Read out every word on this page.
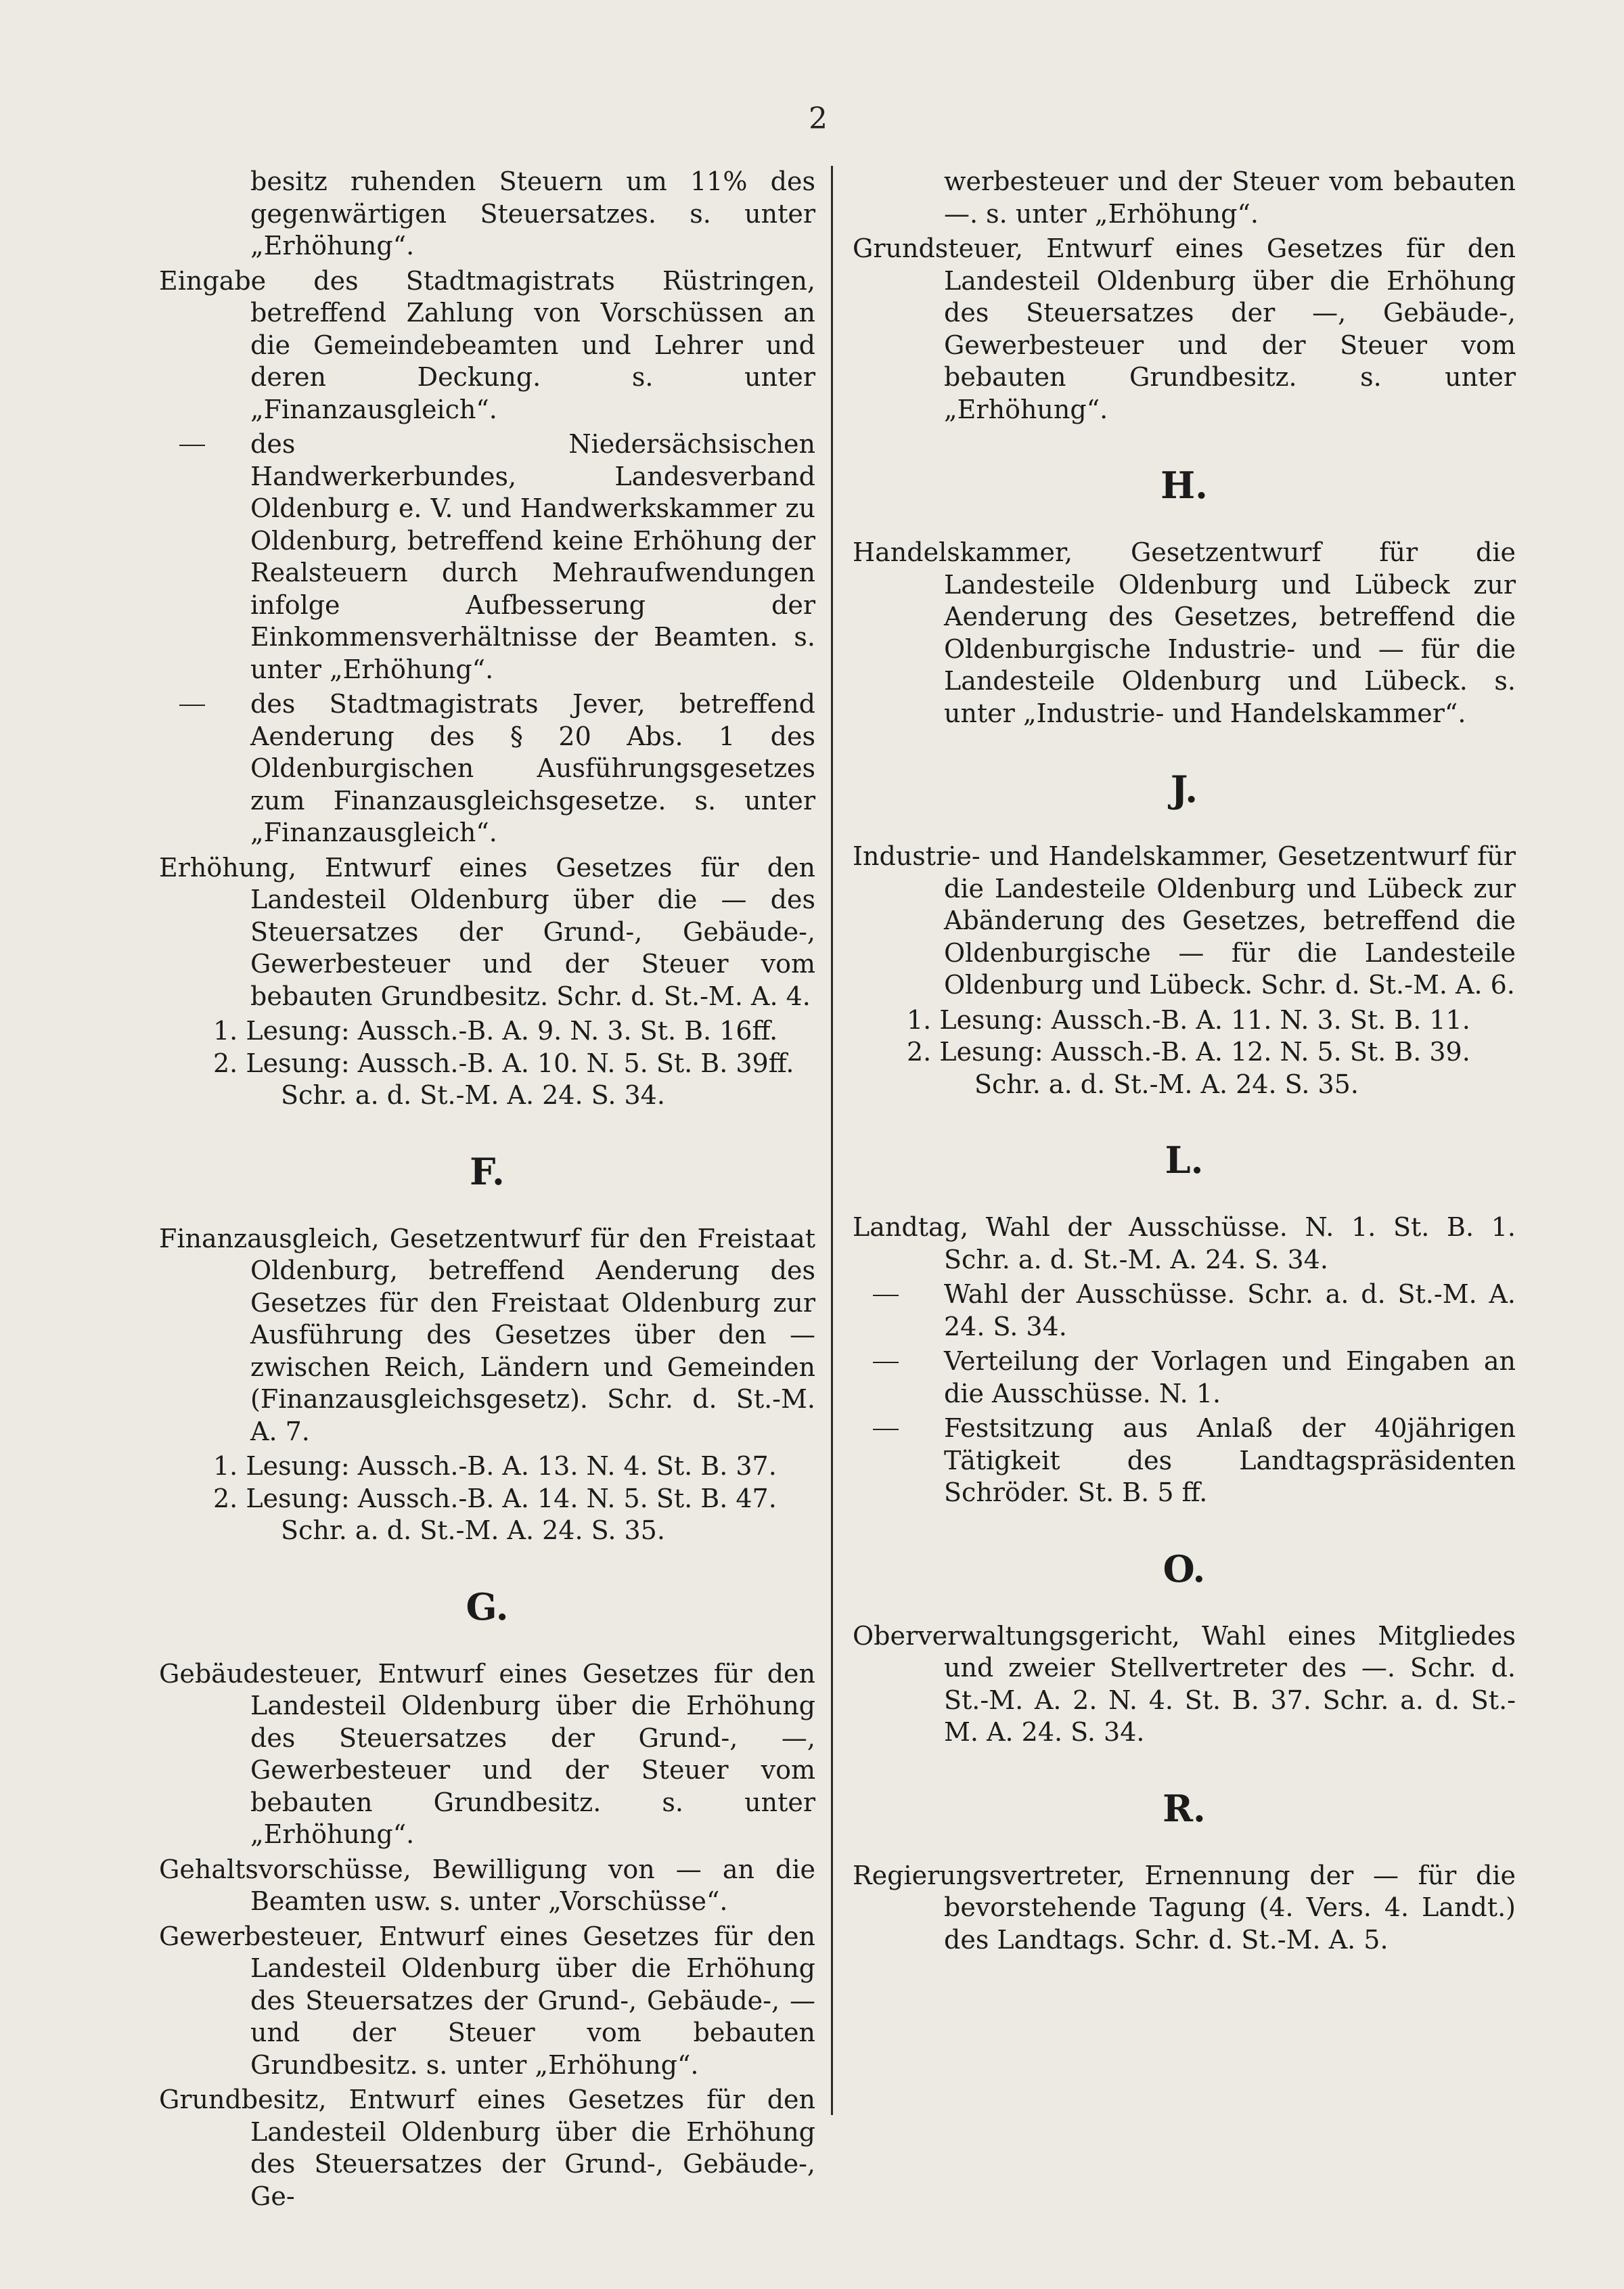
2

besitz ruhenden Steuern um 11% des gegenwärtigen Steuersatzes. s. unter „Erhöhung“.

Eingabe des Stadtmagistrats Rüstringen, betreffend Zahlung von Vorschüssen an die Gemeindebeamten und Lehrer und deren Deckung. s. unter „Finanzausgleich“.

des Niedersächsischen Handwerkerbundes, Landesverband Oldenburg e. V. und Handwerkskammer zu Oldenburg, betreffend keine Erhöhung der Realsteuern durch Mehraufwendungen infolge Aufbesserung der Einkommensverhältnisse der Beamten. s. unter „Erhöhung“.
des Stadtmagistrats Jever, betreffend Aenderung des § 20 Abs. 1 des Oldenburgischen Ausführungsgesetzes zum Finanzausgleichsgesetze. s. unter „Finanzausgleich“.

Erhöhung, Entwurf eines Gesetzes für den Landesteil Oldenburg über die — des Steuersatzes der Grund-, Gebäude-, Gewerbesteuer und der Steuer vom bebauten Grundbesitz. Schr. d. St.-M. A. 4.

1. Lesung: Aussch.-B. A. 9. N. 3. St. B. 16ff.

2. Lesung: Aussch.-B. A. 10. N. 5. St. B. 39ff.

Schr. a. d. St.-M. A. 24. S. 34.

F.

Finanzausgleich, Gesetzentwurf für den Freistaat Oldenburg, betreffend Aenderung des Gesetzes für den Freistaat Oldenburg zur Ausführung des Gesetzes über den — zwischen Reich, Ländern und Gemeinden (Finanzausgleichsgesetz). Schr. d. St.-M. A. 7.

1. Lesung: Aussch.-B. A. 13. N. 4. St. B. 37.

2. Lesung: Aussch.-B. A. 14. N. 5. St. B. 47.

Schr. a. d. St.-M. A. 24. S. 35.

G.

Gebäudesteuer, Entwurf eines Gesetzes für den Landesteil Oldenburg über die Erhöhung des Steuersatzes der Grund-, —, Gewerbesteuer und der Steuer vom bebauten Grundbesitz. s. unter „Erhöhung“.

Gehaltsvorschüsse, Bewilligung von — an die Beamten usw. s. unter „Vorschüsse“.

Gewerbesteuer, Entwurf eines Gesetzes für den Landesteil Oldenburg über die Erhöhung des Steuersatzes der Grund-, Gebäude-, — und der Steuer vom bebauten Grundbesitz. s. unter „Erhöhung“.

Grundbesitz, Entwurf eines Gesetzes für den Landesteil Oldenburg über die Erhöhung des Steuersatzes der Grund-, Gebäude-, Ge-

werbesteuer und der Steuer vom bebauten —. s. unter „Erhöhung“.

Grundsteuer, Entwurf eines Gesetzes für den Landesteil Oldenburg über die Erhöhung des Steuersatzes der —, Gebäude-, Gewerbesteuer und der Steuer vom bebauten Grundbesitz. s. unter „Erhöhung“.

H.

Handelskammer, Gesetzentwurf für die Landesteile Oldenburg und Lübeck zur Aenderung des Gesetzes, betreffend die Oldenburgische Industrie- und — für die Landesteile Oldenburg und Lübeck. s. unter „Industrie- und Handelskammer“.

J.

Industrie- und Handelskammer, Gesetzentwurf für die Landesteile Oldenburg und Lübeck zur Abänderung des Gesetzes, betreffend die Oldenburgische — für die Landesteile Oldenburg und Lübeck. Schr. d. St.-M. A. 6.

1. Lesung: Aussch.-B. A. 11. N. 3. St. B. 11.

2. Lesung: Aussch.-B. A. 12. N. 5. St. B. 39.

Schr. a. d. St.-M. A. 24. S. 35.

L.

Landtag, Wahl der Ausschüsse. N. 1. St. B. 1. Schr. a. d. St.-M. A. 24. S. 34.

Wahl der Ausschüsse. Schr. a. d. St.-M. A. 24. S. 34.
Verteilung der Vorlagen und Eingaben an die Ausschüsse. N. 1.
Festsitzung aus Anlaß der 40jährigen Tätigkeit des Landtagspräsidenten Schröder. St. B. 5 ff.
O.

Oberverwaltungsgericht, Wahl eines Mitgliedes und zweier Stellvertreter des —. Schr. d. St.-M. A. 2. N. 4. St. B. 37. Schr. a. d. St.-M. A. 24. S. 34.

R.

Regierungsvertreter, Ernennung der — für die bevorstehende Tagung (4. Vers. 4. Landt.) des Landtags. Schr. d. St.-M. A. 5.
